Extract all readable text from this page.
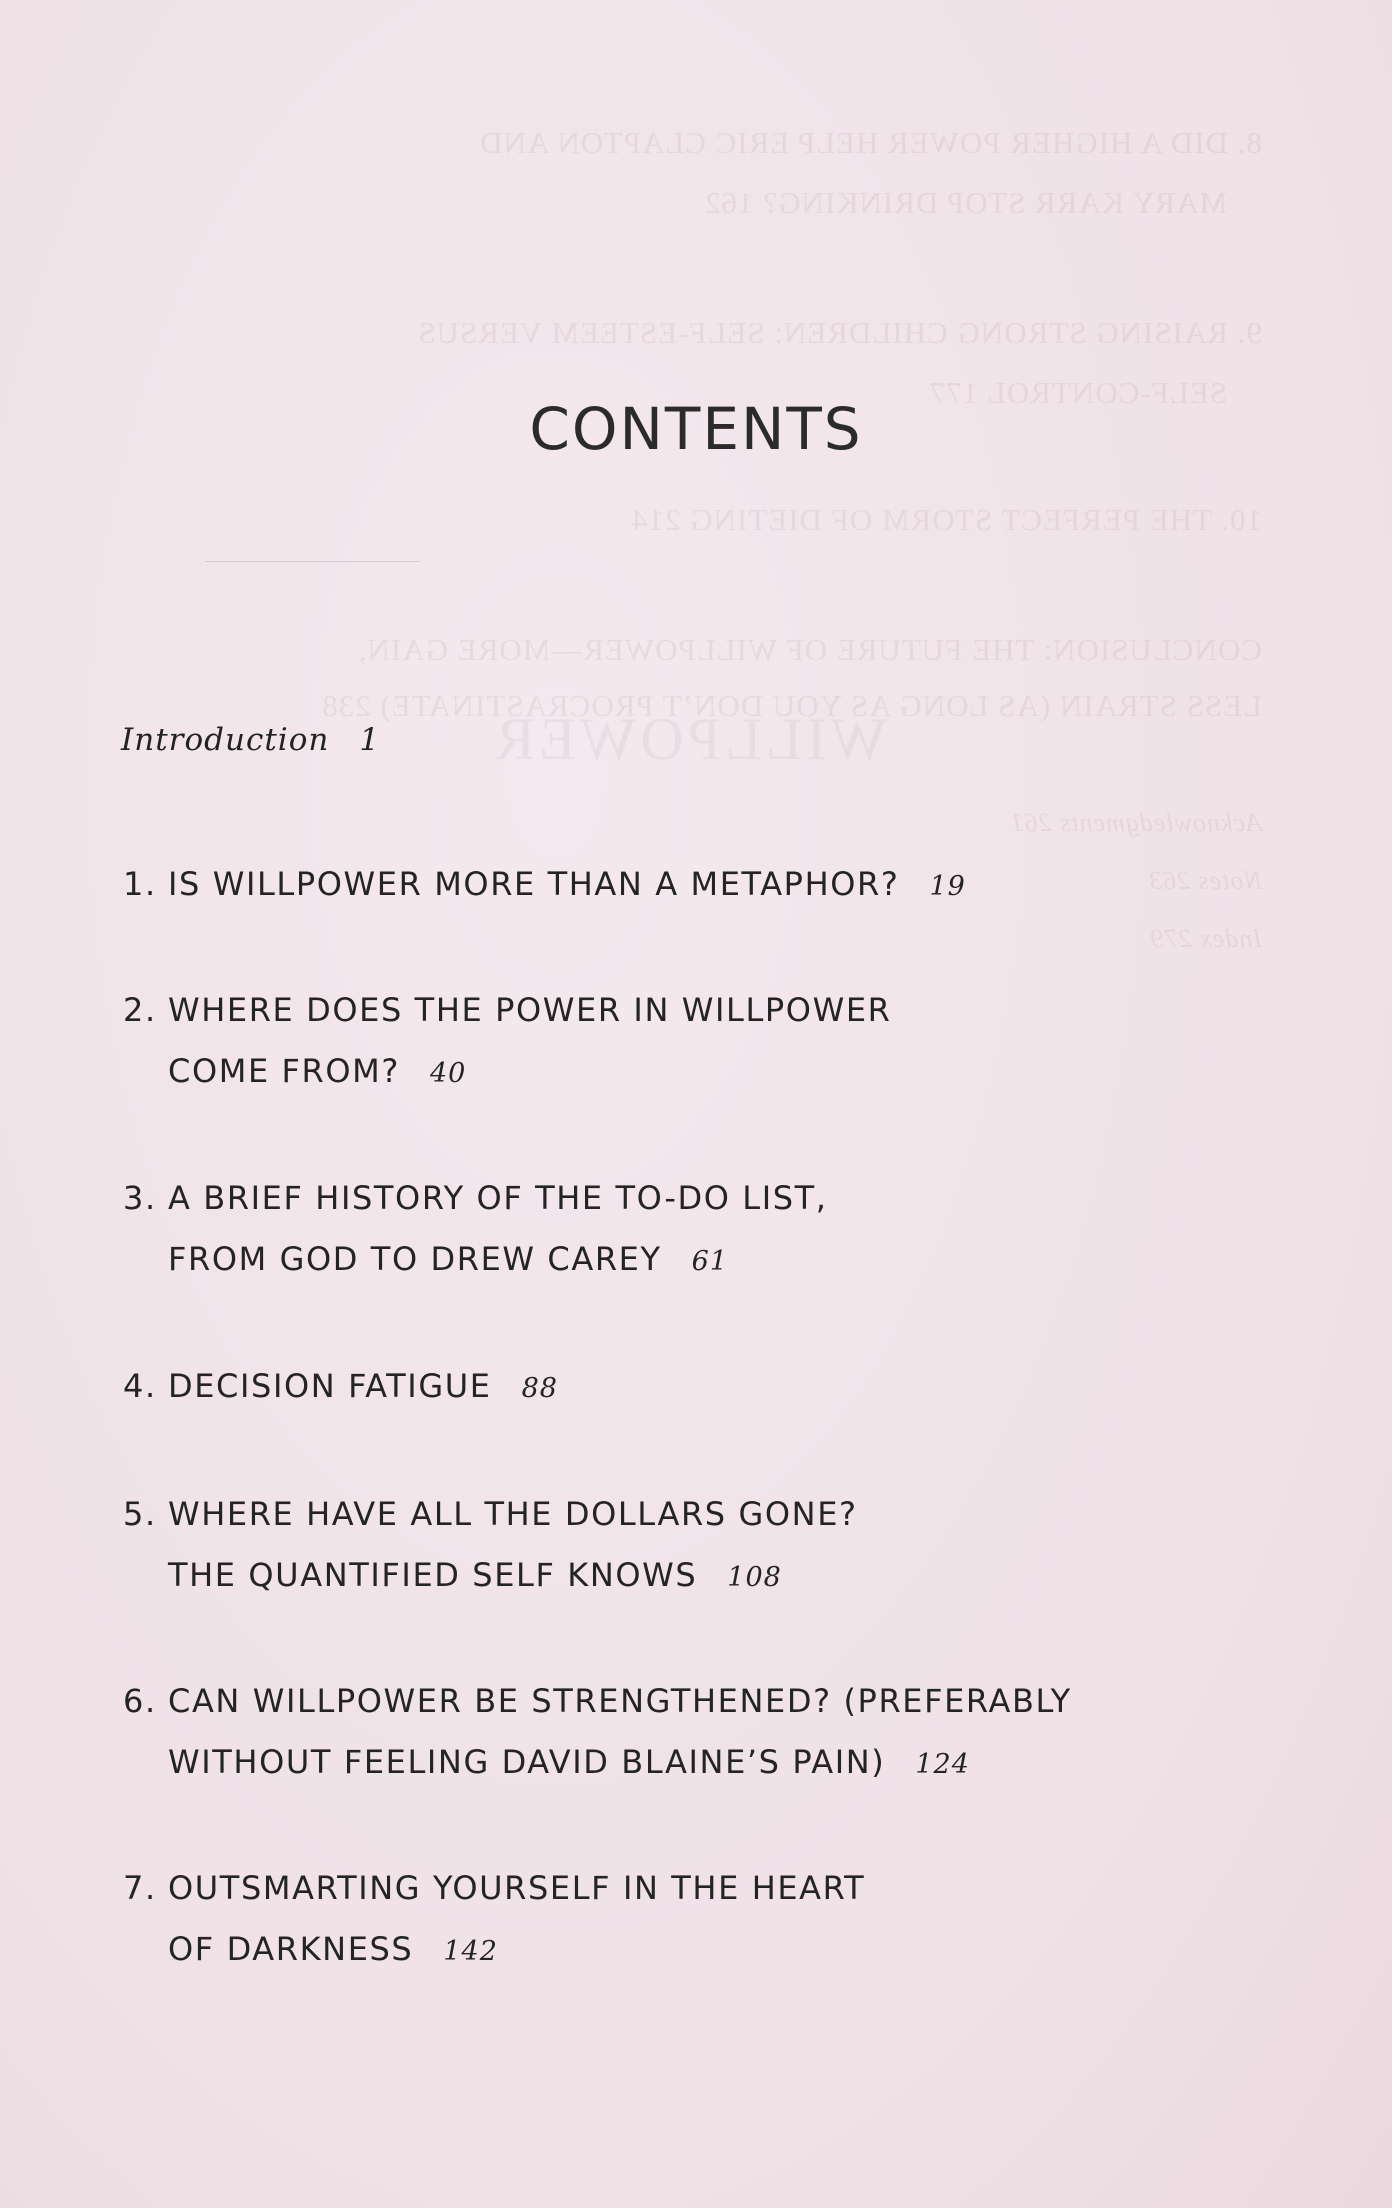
8. DID A HIGHER POWER HELP ERIC CLAPTON AND
MARY KARR STOP DRINKING? 162
9. RAISING STRONG CHILDREN: SELF-ESTEEM VERSUS
SELF-CONTROL 177
10. THE PERFECT STORM OF DIETING 214
CONCLUSION: THE FUTURE OF WILLPOWER—MORE GAIN,
LESS STRAIN (AS LONG AS YOU DON’T PROCRASTINATE) 238
WILLPOWER
Acknowledgments 261
Notes 263
Index 279
CONTENTS
Introduction 1
1. IS WILLPOWER MORE THAN A METAPHOR? 19
2. WHERE DOES THE POWER IN WILLPOWER
COME FROM? 40
3. A BRIEF HISTORY OF THE TO-DO LIST,
FROM GOD TO DREW CAREY 61
4. DECISION FATIGUE 88
5. WHERE HAVE ALL THE DOLLARS GONE?
THE QUANTIFIED SELF KNOWS 108
6. CAN WILLPOWER BE STRENGTHENED? (PREFERABLY
WITHOUT FEELING DAVID BLAINE’S PAIN) 124
7. OUTSMARTING YOURSELF IN THE HEART
OF DARKNESS 142
